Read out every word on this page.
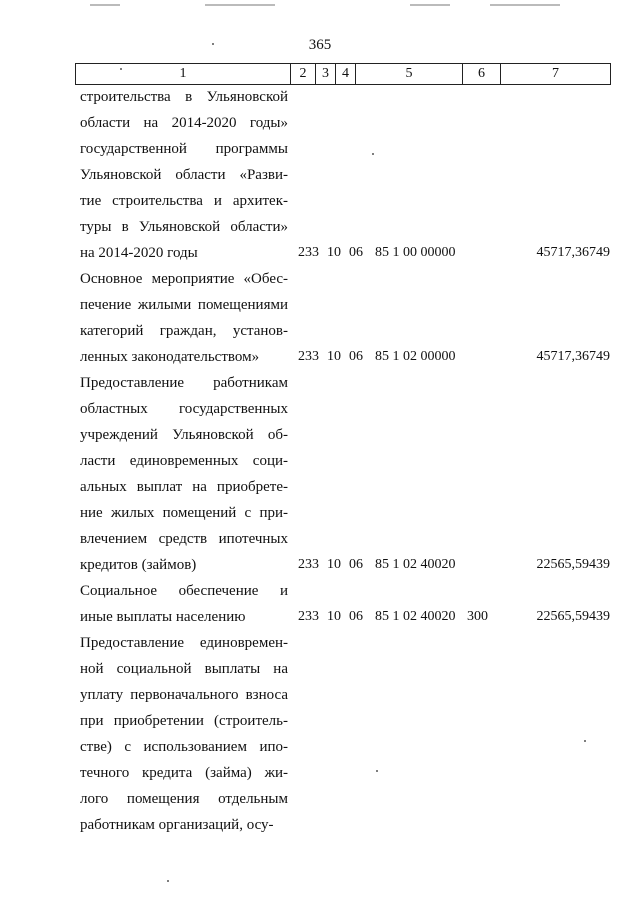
365
1	2	3 4	5	6	7
строительства в Ульяновской
области на 2014-2020 годы»
государственной программы
Ульяновской области «Разви-
тие строительства и архитек-
туры в Ульяновской области»
на 2014-2020 годы	233 10 06 85 1 00 00000	45717,36749
Основное мероприятие «Обес-
печение жилыми помещениями
категорий граждан, установ-
ленных законодательством»	233 10 06 85 1 02 00000	45717,36749
Предоставление работникам
областных государственных
учреждений Ульяновской об-
ласти единовременных соци-
альных выплат на приобрете-
ние жилых помещений с при-
влечением средств ипотечных
кредитов (займов)	233 10 06 85 1 02 40020	22565,59439
Социальное обеспечение и
иные выплаты населению	233 10 06 85 1 02 40020 300	22565,59439
Предоставление единовремен-
ной социальной выплаты на
уплату первоначального взноса
при приобретении (строитель-
стве) с использованием ипо-
течного кредита (займа) жи-
лого помещения отдельным
работникам организаций, осу-
